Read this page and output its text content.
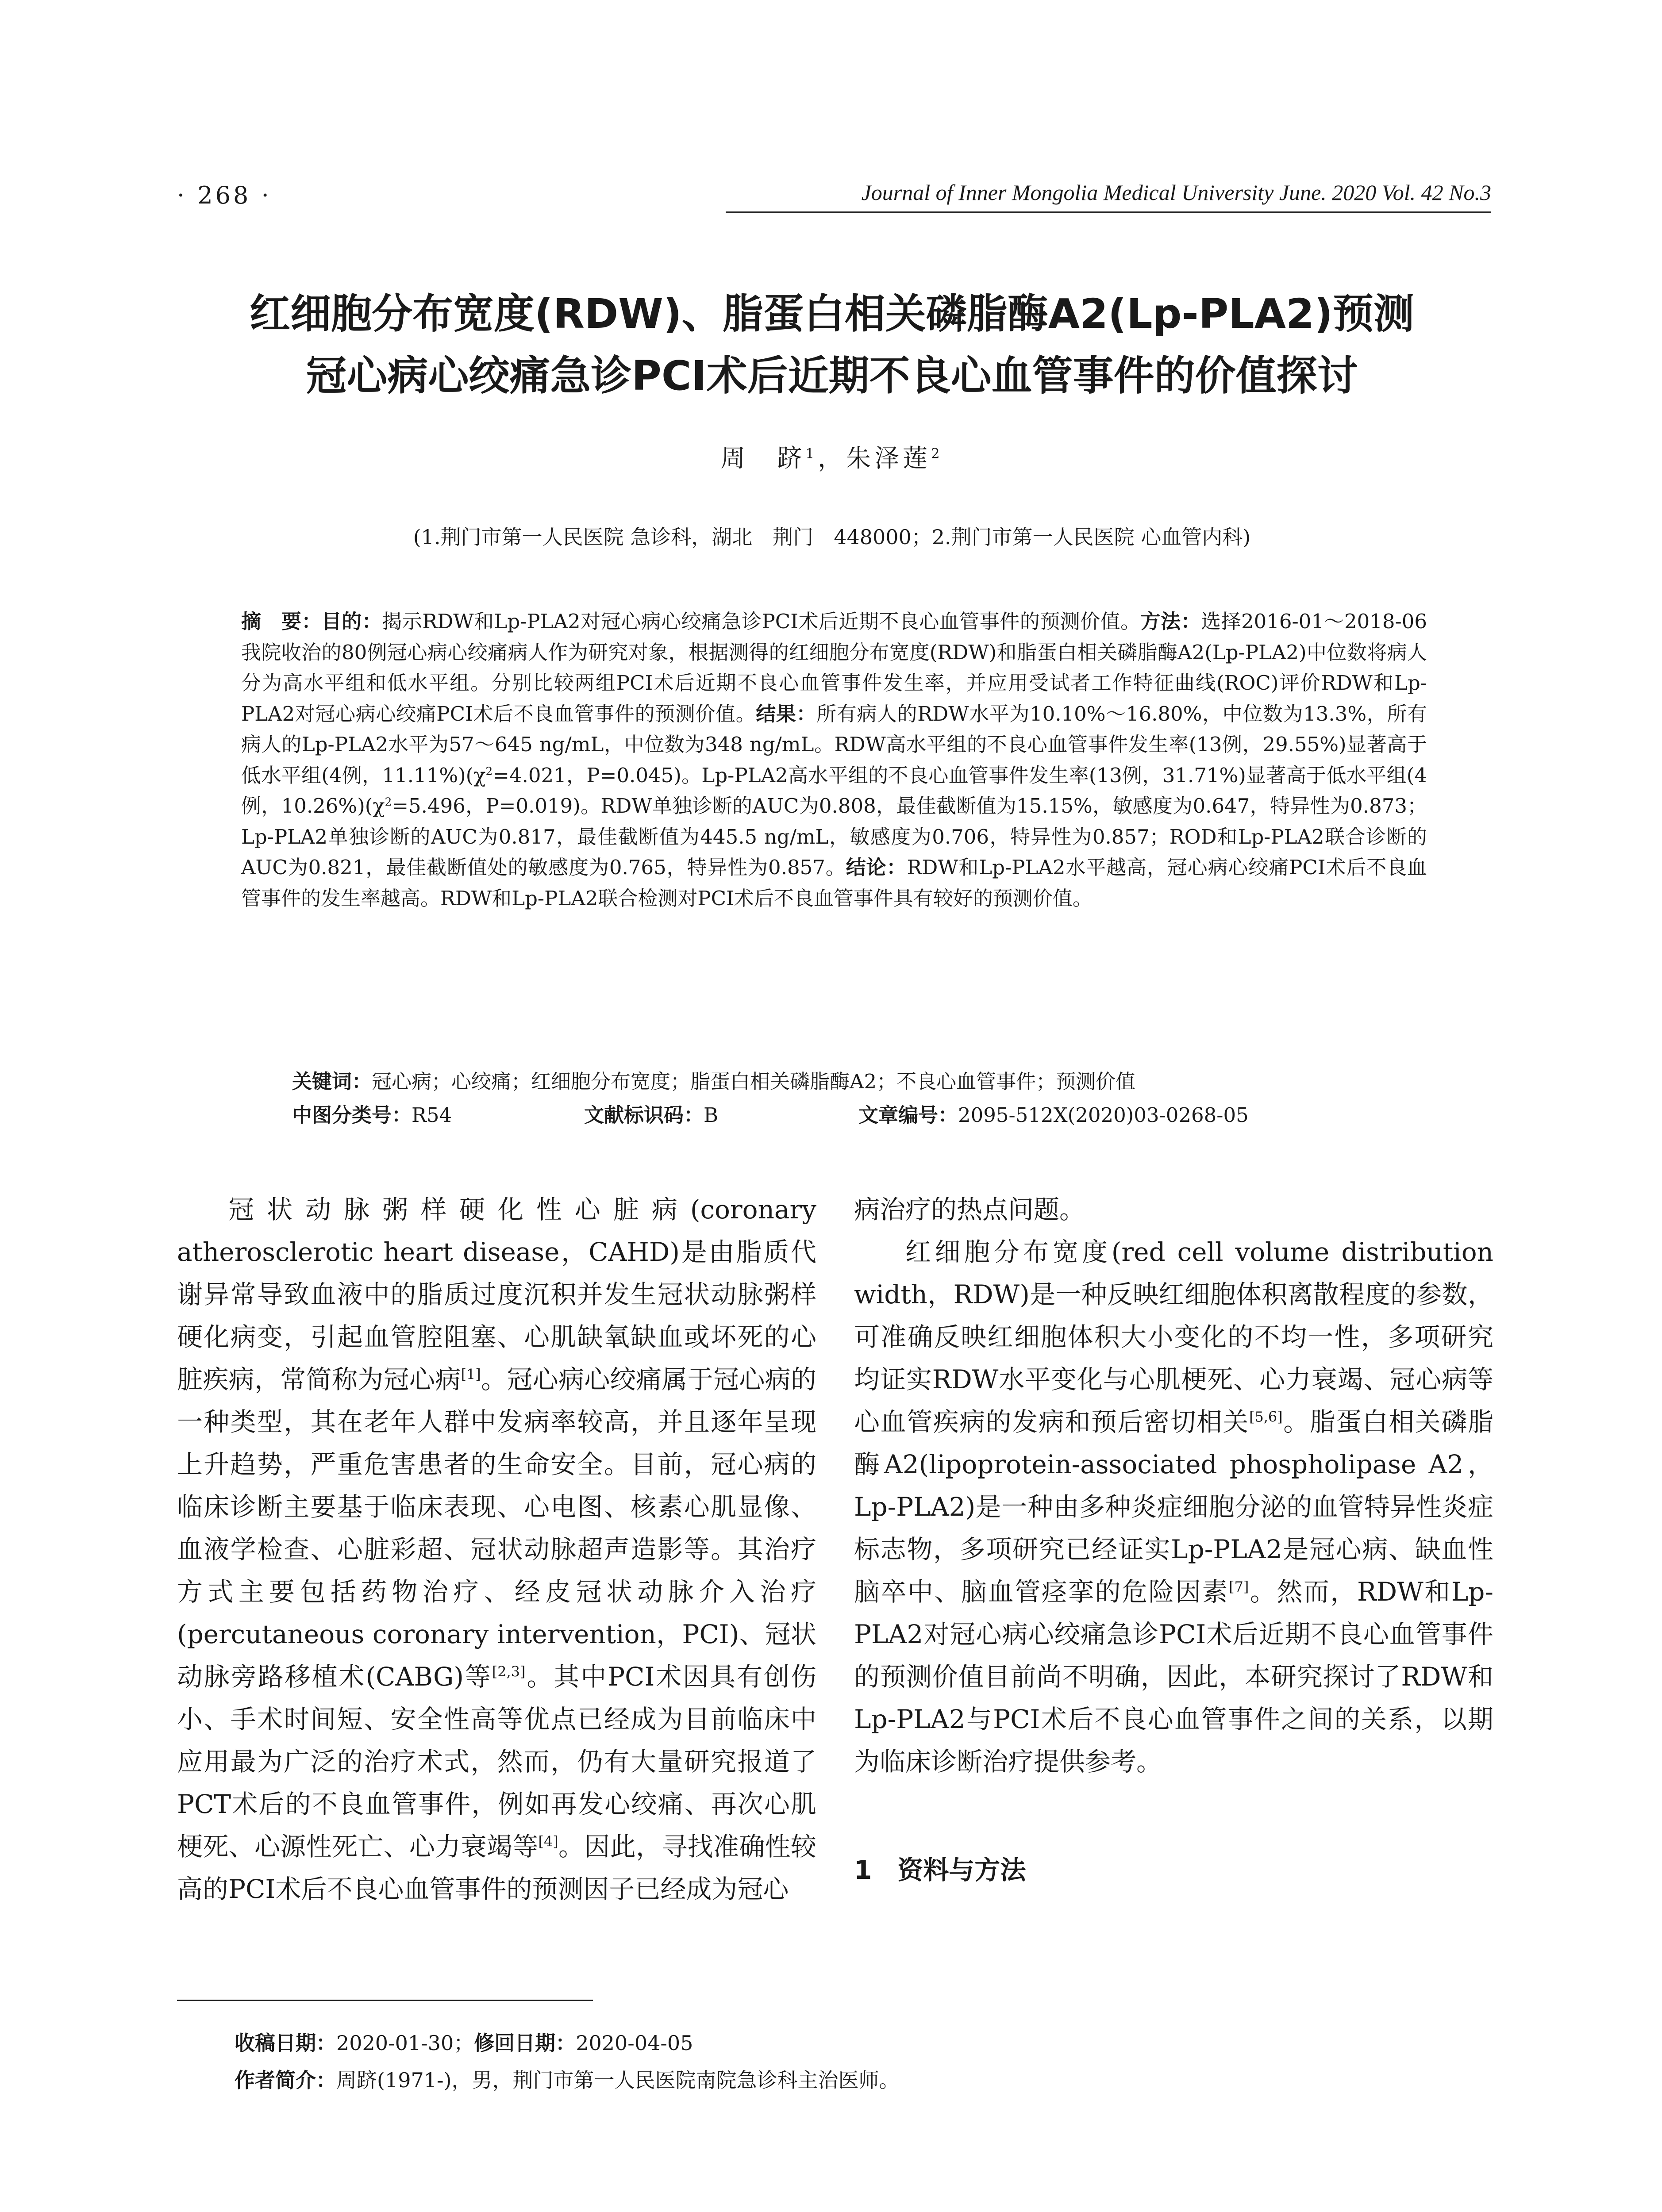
· 268 ·	Journal of Inner Mongolia Medical University June. 2020 Vol. 42 No.3
红细胞分布宽度(RDW)、脂蛋白相关磷脂酶A2(Lp-PLA2)预测
冠心病心绞痛急诊PCI术后近期不良心血管事件的价值探讨
周　跻$^1$，朱泽莲$^2$
(1.荆门市第一人民医院 急诊科，湖北　荆门　448000；2.荆门市第一人民医院 心血管内科)
摘　要：目的：揭示RDW和Lp-PLA2对冠心病心绞痛急诊PCI术后近期不良心血管事件的预测价值。方法：选择2016-01～2018-06我院收治的80例冠心病心绞痛病人作为研究对象，根据测得的红细胞分布宽度(RDW)和脂蛋白相关磷脂酶A2(Lp-PLA2)中位数将病人分为高水平组和低水平组。分别比较两组PCI术后近期不良心血管事件发生率，并应用受试者工作特征曲线(ROC)评价RDW和Lp-PLA2对冠心病心绞痛PCI术后不良血管事件的预测价值。结果：所有病人的RDW水平为10.10%～16.80%，中位数为13.3%，所有病人的Lp-PLA2水平为57～645 ng/mL，中位数为348 ng/mL。RDW高水平组的不良心血管事件发生率(13例，29.55%)显著高于低水平组(4例，$11.11\%)(\chi^2=4.021$，P=0.045)。Lp-PLA2高水平组的不良心血管事件发生率(13例，31.71%)显著高于低水平组(4例，$10.26\%)(\chi^2=5.496$，P=0.019)。RDW单独诊断的AUC为0.808，最佳截断值为15.15%，敏感度为0.647，特异性为0.873；Lp-PLA2单独诊断的AUC为0.817，最佳截断值为445.5 ng/mL，敏感度为0.706，特异性为0.857；ROD和Lp-PLA2联合诊断的AUC为0.821，最佳截断值处的敏感度为0.765，特异性为0.857。结论：RDW和Lp-PLA2水平越高，冠心病心绞痛PCI术后不良血管事件的发生率越高。RDW和Lp-PLA2联合检测对PCI术后不良血管事件具有较好的预测价值。
关键词：冠心病；心绞痛；红细胞分布宽度；脂蛋白相关磷脂酶A2；不良心血管事件；预测价值
中图分类号：R54	文献标识码：B	文章编号：2095-512X(2020)03-0268-05

冠状动脉粥样硬化性心脏病(coronary atherosclerotic heart disease，CAHD)是由脂质代谢异常导致血液中的脂质过度沉积并发生冠状动脉粥样硬化病变，引起血管腔阻塞、心肌缺氧缺血或坏死的心脏疾病，常简称为冠心病[1]。冠心病心绞痛属于冠心病的一种类型，其在老年人群中发病率较高，并且逐年呈现上升趋势，严重危害患者的生命安全。目前，冠心病的临床诊断主要基于临床表现、心电图、核素心肌显像、血液学检查、心脏彩超、冠状动脉超声造影等。其治疗方式主要包括药物治疗、经皮冠状动脉介入治疗(percutaneous coronary intervention，PCI)、冠状动脉旁路移植术(CABG)等[2,3]。其中PCI术因具有创伤小、手术时间短、安全性高等优点已经成为目前临床中应用最为广泛的治疗术式，然而，仍有大量研究报道了PCT术后的不良血管事件，例如再发心绞痛、再次心肌梗死、心源性死亡、心力衰竭等[4]。因此，寻找准确性较高的PCI术后不良心血管事件的预测因子已经成为冠心

病治疗的热点问题。

红细胞分布宽度(red cell volume distribution width，RDW)是一种反映红细胞体积离散程度的参数，可准确反映红细胞体积大小变化的不均一性，多项研究均证实RDW水平变化与心肌梗死、心力衰竭、冠心病等心血管疾病的发病和预后密切相关[5,6]。脂蛋白相关磷脂酶A2(lipoprotein-associated phospholipase A2，Lp-PLA2)是一种由多种炎症细胞分泌的血管特异性炎症标志物，多项研究已经证实Lp-PLA2是冠心病、缺血性脑卒中、脑血管痉挛的危险因素[7]。然而，RDW和Lp-PLA2对冠心病心绞痛急诊PCI术后近期不良心血管事件的预测价值目前尚不明确，因此，本研究探讨了RDW和Lp-PLA2与PCI术后不良心血管事件之间的关系，以期为临床诊断治疗提供参考。

1　资料与方法
收稿日期：2020-01-30；修回日期：2020-04-05
作者简介：周跻(1971-)，男，荆门市第一人民医院南院急诊科主治医师。
